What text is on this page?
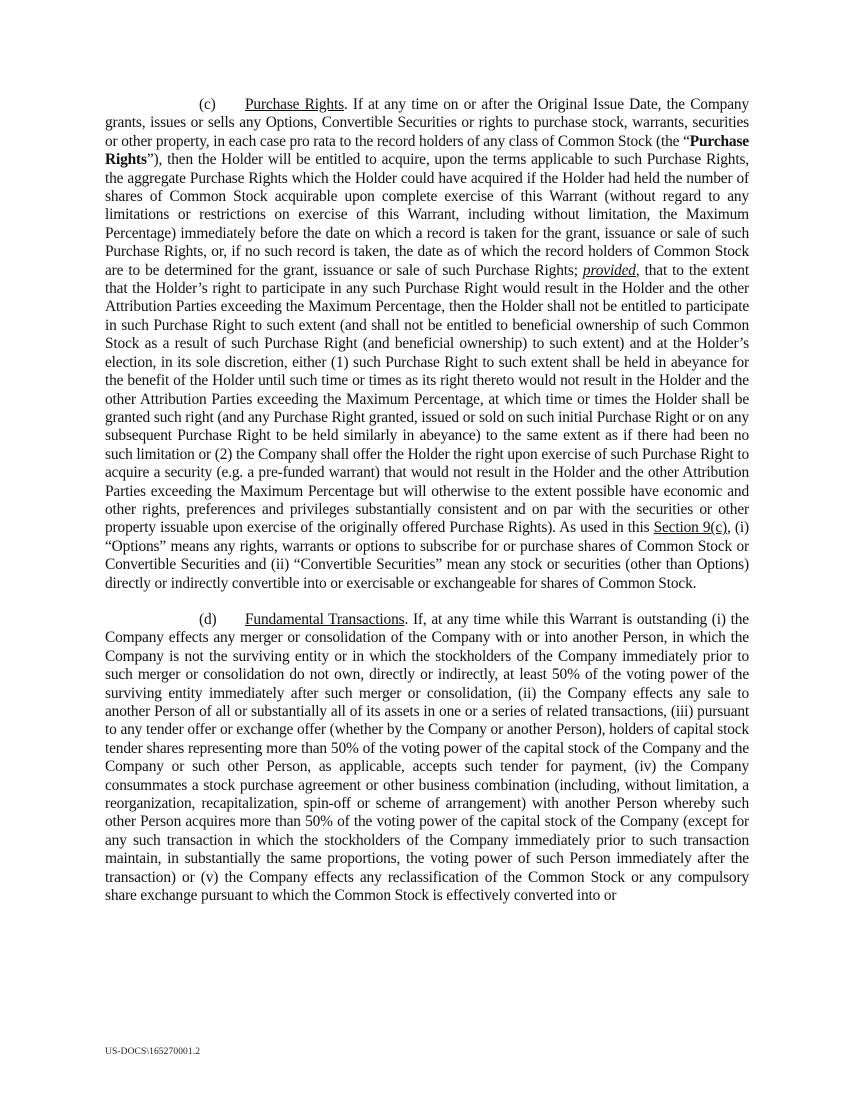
(c) Purchase Rights. If at any time on or after the Original Issue Date, the Company grants, issues or sells any Options, Convertible Securities or rights to purchase stock, warrants, securities or other property, in each case pro rata to the record holders of any class of Common Stock (the “Purchase Rights”), then the Holder will be entitled to acquire, upon the terms applicable to such Purchase Rights, the aggregate Purchase Rights which the Holder could have acquired if the Holder had held the number of shares of Common Stock acquirable upon complete exercise of this Warrant (without regard to any limitations or restrictions on exercise of this Warrant, including without limitation, the Maximum Percentage) immediately before the date on which a record is taken for the grant, issuance or sale of such Purchase Rights, or, if no such record is taken, the date as of which the record holders of Common Stock are to be determined for the grant, issuance or sale of such Purchase Rights; provided, that to the extent that the Holder’s right to participate in any such Purchase Right would result in the Holder and the other Attribution Parties exceeding the Maximum Percentage, then the Holder shall not be entitled to participate in such Purchase Right to such extent (and shall not be entitled to beneficial ownership of such Common Stock as a result of such Purchase Right (and beneficial ownership) to such extent) and at the Holder’s election, in its sole discretion, either (1) such Purchase Right to such extent shall be held in abeyance for the benefit of the Holder until such time or times as its right thereto would not result in the Holder and the other Attribution Parties exceeding the Maximum Percentage, at which time or times the Holder shall be granted such right (and any Purchase Right granted, issued or sold on such initial Purchase Right or on any subsequent Purchase Right to be held similarly in abeyance) to the same extent as if there had been no such limitation or (2) the Company shall offer the Holder the right upon exercise of such Purchase Right to acquire a security (e.g. a pre-funded warrant) that would not result in the Holder and the other Attribution Parties exceeding the Maximum Percentage but will otherwise to the extent possible have economic and other rights, preferences and privileges substantially consistent and on par with the securities or other property issuable upon exercise of the originally offered Purchase Rights). As used in this Section 9(c), (i) “Options” means any rights, warrants or options to subscribe for or purchase shares of Common Stock or Convertible Securities and (ii) “Convertible Securities” mean any stock or securities (other than Options) directly or indirectly convertible into or exercisable or exchangeable for shares of Common Stock.

(d) Fundamental Transactions. If, at any time while this Warrant is outstanding (i) the Company effects any merger or consolidation of the Company with or into another Person, in which the Company is not the surviving entity or in which the stockholders of the Company immediately prior to such merger or consolidation do not own, directly or indirectly, at least 50% of the voting power of the surviving entity immediately after such merger or consolidation, (ii) the Company effects any sale to another Person of all or substantially all of its assets in one or a series of related transactions, (iii) pursuant to any tender offer or exchange offer (whether by the Company or another Person), holders of capital stock tender shares representing more than 50% of the voting power of the capital stock of the Company and the Company or such other Person, as applicable, accepts such tender for payment, (iv) the Company consummates a stock purchase agreement or other business combination (including, without limitation, a reorganization, recapitalization, spin-off or scheme of arrangement) with another Person whereby such other Person acquires more than 50% of the voting power of the capital stock of the Company (except for any such transaction in which the stockholders of the Company immediately prior to such transaction maintain, in substantially the same proportions, the voting power of such Person immediately after the transaction) or (v) the Company effects any reclassification of the Common Stock or any compulsory share exchange pursuant to which the Common Stock is effectively converted into or

US-DOCS\165270001.2
